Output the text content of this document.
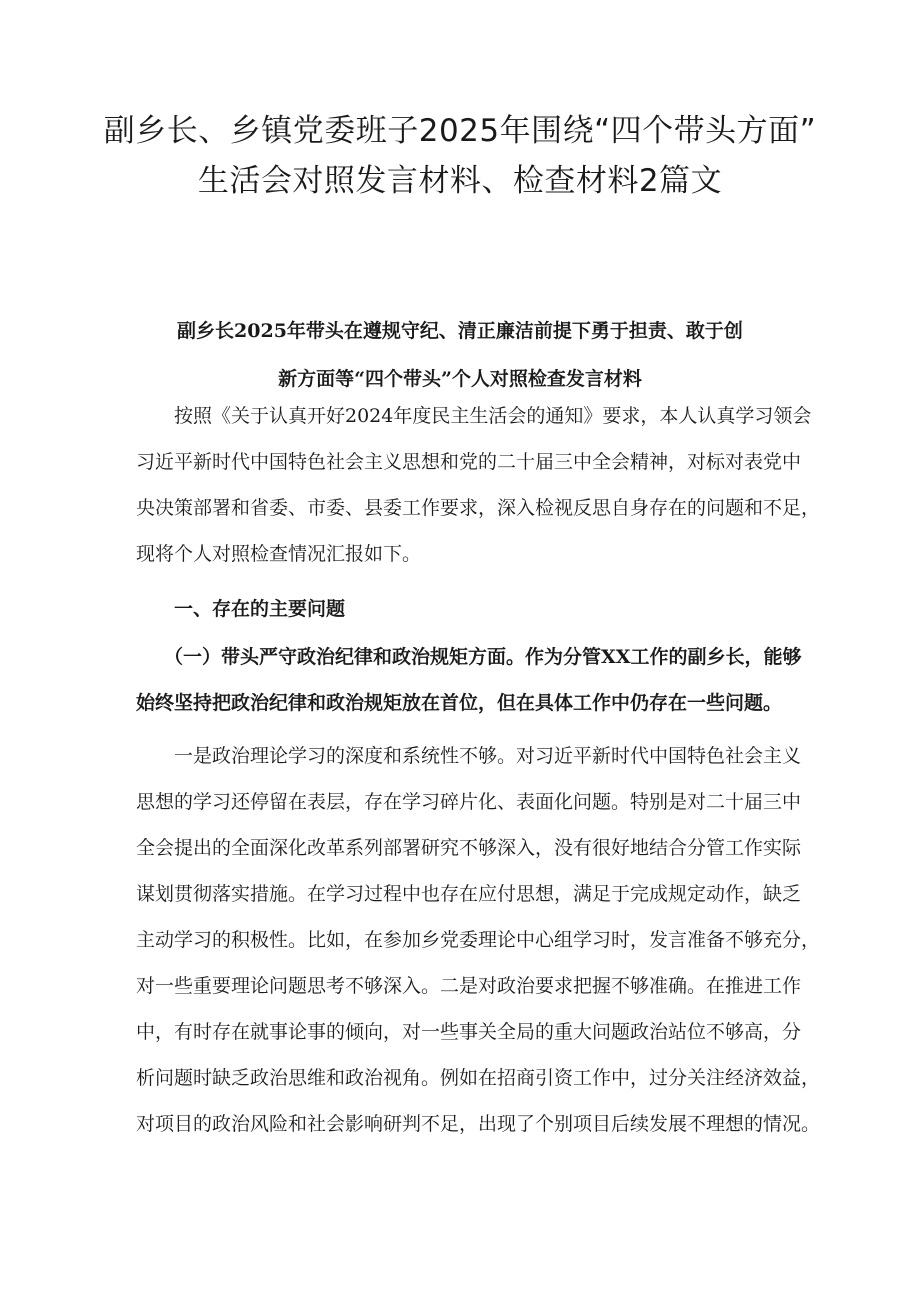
副乡长、乡镇党委班子2025年围绕“四个带头方面”
生活会对照发言材料、检查材料2篇文
副乡长2025年带头在遵规守纪、清正廉洁前提下勇于担责、敢于创
新方面等“四个带头”个人对照检查发言材料

按照《关于认真开好2024年度民主生活会的通知》要求，本人认真学习领会
习近平新时代中国特色社会主义思想和党的二十届三中全会精神，对标对表党中
央决策部署和省委、市委、县委工作要求，深入检视反思自身存在的问题和不足，
现将个人对照检查情况汇报如下。

一、存在的主要问题

（一）带头严守政治纪律和政治规矩方面。作为分管XX工作的副乡长，能够
始终坚持把政治纪律和政治规矩放在首位，但在具体工作中仍存在一些问题。

一是政治理论学习的深度和系统性不够。对习近平新时代中国特色社会主义
思想的学习还停留在表层，存在学习碎片化、表面化问题。特别是对二十届三中
全会提出的全面深化改革系列部署研究不够深入，没有很好地结合分管工作实际
谋划贯彻落实措施。在学习过程中也存在应付思想，满足于完成规定动作，缺乏
主动学习的积极性。比如，在参加乡党委理论中心组学习时，发言准备不够充分，
对一些重要理论问题思考不够深入。二是对政治要求把握不够准确。在推进工作
中，有时存在就事论事的倾向，对一些事关全局的重大问题政治站位不够高，分
析问题时缺乏政治思维和政治视角。例如在招商引资工作中，过分关注经济效益，
对项目的政治风险和社会影响研判不足，出现了个别项目后续发展不理想的情况。
